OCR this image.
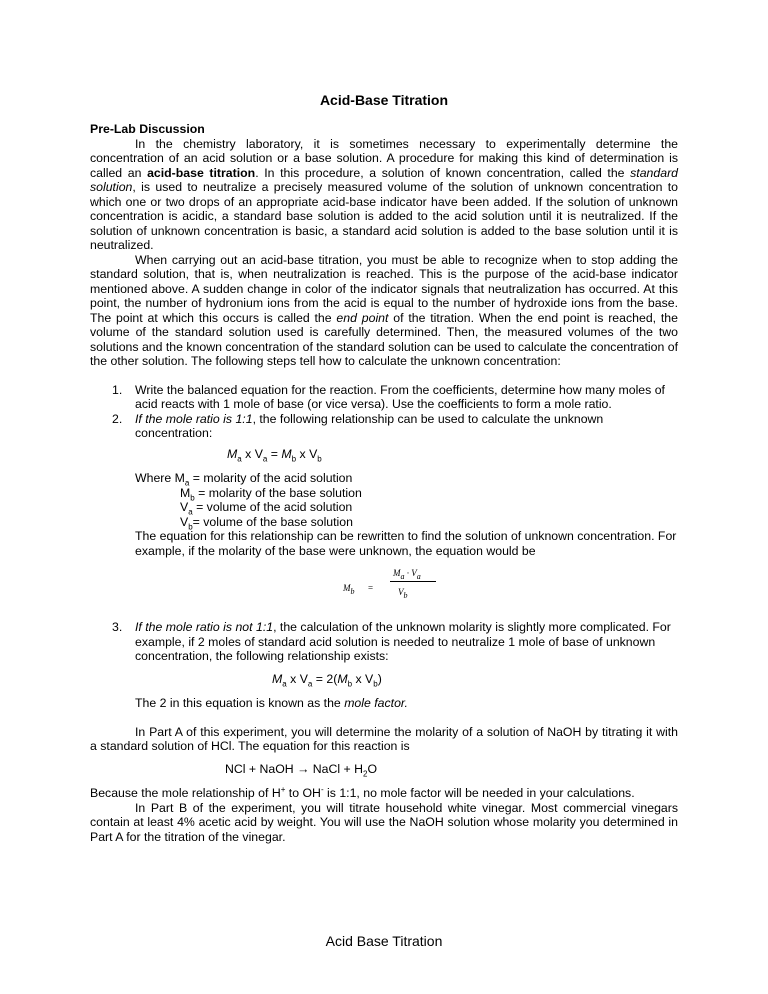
Acid-Base Titration
Pre-Lab Discussion

In the chemistry laboratory, it is sometimes necessary to experimentally determine the concentration of an acid solution or a base solution. A procedure for making this kind of determination is called an acid-base titration. In this procedure, a solution of known concentration, called the standard solution, is used to neutralize a precisely measured volume of the solution of unknown concentration to which one or two drops of an appropriate acid-base indicator have been added. If the solution of unknown concentration is acidic, a standard base solution is added to the acid solution until it is neutralized. If the solution of unknown concentration is basic, a standard acid solution is added to the base solution until it is neutralized.

When carrying out an acid-base titration, you must be able to recognize when to stop adding the standard solution, that is, when neutralization is reached. This is the purpose of the acid-base indicator mentioned above. A sudden change in color of the indicator signals that neutralization has occurred. At this point, the number of hydronium ions from the acid is equal to the number of hydroxide ions from the base. The point at which this occurs is called the end point of the titration. When the end point is reached, the volume of the standard solution used is carefully determined. Then, the measured volumes of the two solutions and the known concentration of the standard solution can be used to calculate the concentration of the other solution. The following steps tell how to calculate the unknown concentration:

1. Write the balanced equation for the reaction. From the coefficients, determine how many moles of acid reacts with 1 mole of base (or vice versa). Use the coefficients to form a mole ratio.
2. If the mole ratio is 1:1, the following relationship can be used to calculate the unknown concentration:
$M_a$ x $V_a = M_b$ x $V_b$
Where $M_a$ = molarity of the acid solution
$M_b$ = molarity of the base solution
$V_a$ = volume of the acid solution
$V_b=$ volume of the base solution
The equation for this relationship can be rewritten to find the solution of unknown concentration. For example, if the molarity of the base were unknown, the equation would be
$M_b$ =
$M_a \cdot V_a$
$V_b$
3. If the mole ratio is not 1:1, the calculation of the unknown molarity is slightly more complicated. For example, if 2 moles of standard acid solution is needed to neutralize 1 mole of base of unknown concentration, the following relationship exists:
$M_a$ x $V_a = 2(M_b$ x $V_b$)
The 2 in this equation is known as the mole factor.

In Part A of this experiment, you will determine the molarity of a solution of NaOH by titrating it with a standard solution of HCl. The equation for this reaction is

NCl + NaOH → NaCl + $H_2O$

Because the mole relationship of H+ to OH- is 1:1, no mole factor will be needed in your calculations.

In Part B of the experiment, you will titrate household white vinegar. Most commercial vinegars contain at least 4% acetic acid by weight. You will use the NaOH solution whose molarity you determined in Part A for the titration of the vinegar.

Acid Base Titration
